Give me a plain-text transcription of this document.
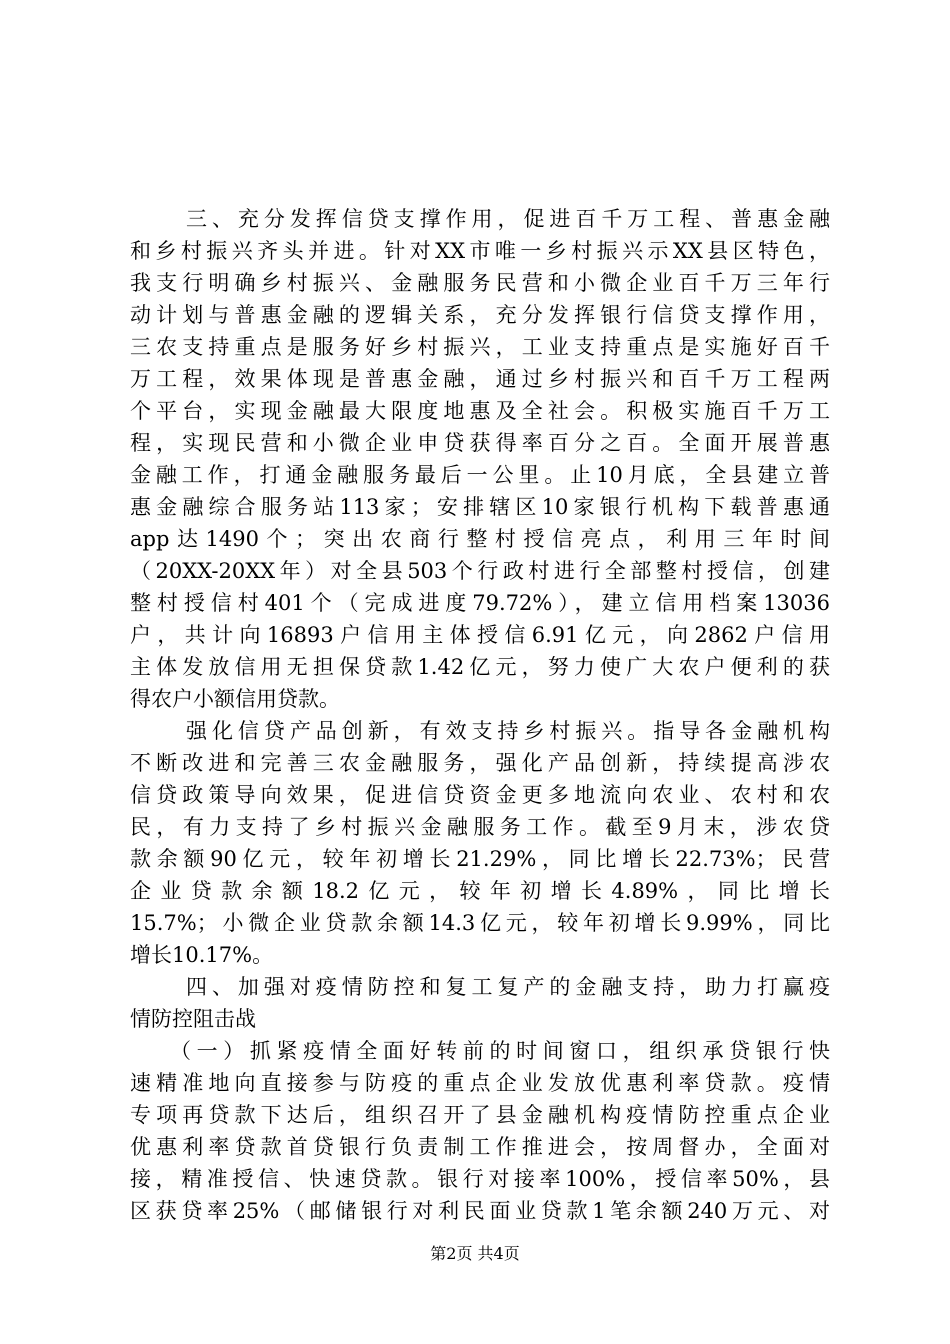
三、充分发挥信贷支撑作用，促进百千万工程、普惠金融
和乡村振兴齐头并进。针对XX市唯一乡村振兴示XX县区特色，
我支行明确乡村振兴、金融服务民营和小微企业百千万三年行
动计划与普惠金融的逻辑关系，充分发挥银行信贷支撑作用，
三农支持重点是服务好乡村振兴，工业支持重点是实施好百千
万工程，效果体现是普惠金融，通过乡村振兴和百千万工程两
个平台，实现金融最大限度地惠及全社会。积极实施百千万工
程，实现民营和小微企业申贷获得率百分之百。全面开展普惠
金融工作，打通金融服务最后一公里。止10月底，全县建立普
惠金融综合服务站113家；安排辖区10家银行机构下载普惠通
app达1490个；突出农商行整村授信亮点，利用三年时间
（20XX-20XX年）对全县503个行政村进行全部整村授信，创建
整村授信村401个（完成进度79.72%），建立信用档案13036
户，共计向16893户信用主体授信6.91亿元，向2862户信用
主体发放信用无担保贷款1.42亿元，努力使广大农户便利的获
得农户小额信用贷款。
强化信贷产品创新，有效支持乡村振兴。指导各金融机构
不断改进和完善三农金融服务，强化产品创新，持续提高涉农
信贷政策导向效果，促进信贷资金更多地流向农业、农村和农
民，有力支持了乡村振兴金融服务工作。截至9月末，涉农贷
款余额90亿元，较年初增长21.29%，同比增长22.73%；民营
企业贷款余额18.2亿元，较年初增长4.89%，同比增长
15.7%；小微企业贷款余额14.3亿元，较年初增长9.99%，同比
增长10.17%。
四、加强对疫情防控和复工复产的金融支持，助力打赢疫
情防控阻击战
（一）抓紧疫情全面好转前的时间窗口，组织承贷银行快
速精准地向直接参与防疫的重点企业发放优惠利率贷款。疫情
专项再贷款下达后，组织召开了县金融机构疫情防控重点企业
优惠利率贷款首贷银行负责制工作推进会，按周督办，全面对
接，精准授信、快速贷款。银行对接率100%，授信率50%，县
区获贷率25%（邮储银行对利民面业贷款1笔余额240万元、对
第2页 共4页
